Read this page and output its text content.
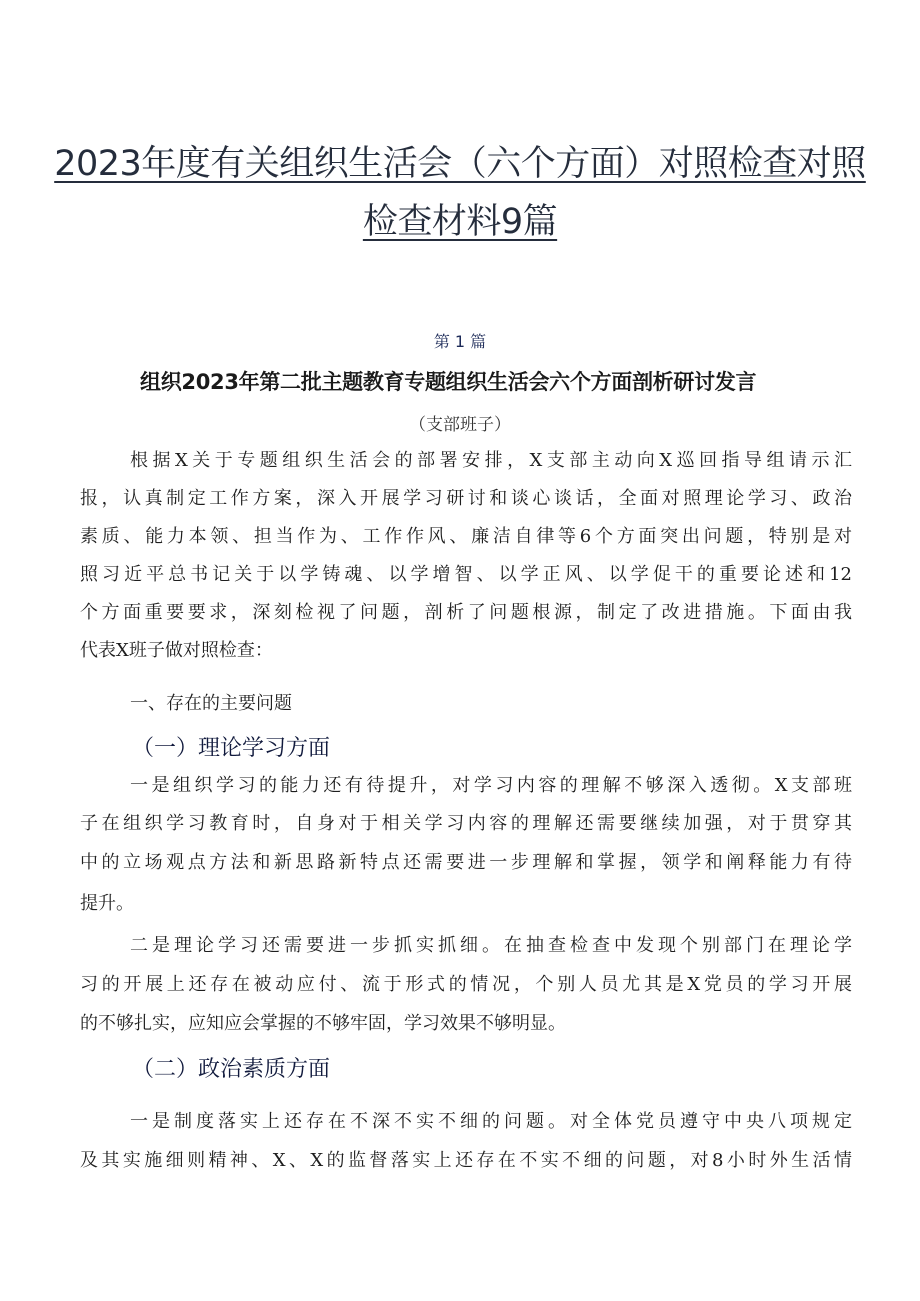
2023年度有关组织生活会（六个方面）对照检查对照
检查材料9篇
第 1 篇
组织2023年第二批主题教育专题组织生活会六个方面剖析研讨发言
（支部班子）
根据X关于专题组织生活会的部署安排，X支部主动向X巡回指导组请示汇
报，认真制定工作方案，深入开展学习研讨和谈心谈话，全面对照理论学习、政治
素质、能力本领、担当作为、工作作风、廉洁自律等6个方面突出问题，特别是对
照习近平总书记关于以学铸魂、以学增智、以学正风、以学促干的重要论述和12
个方面重要要求，深刻检视了问题，剖析了问题根源，制定了改进措施。下面由我
代表X班子做对照检查：
一、存在的主要问题
（一）理论学习方面
一是组织学习的能力还有待提升，对学习内容的理解不够深入透彻。X支部班
子在组织学习教育时，自身对于相关学习内容的理解还需要继续加强，对于贯穿其
中的立场观点方法和新思路新特点还需要进一步理解和掌握，领学和阐释能力有待
提升。
二是理论学习还需要进一步抓实抓细。在抽查检查中发现个别部门在理论学
习的开展上还存在被动应付、流于形式的情况，个别人员尤其是X党员的学习开展
的不够扎实，应知应会掌握的不够牢固，学习效果不够明显。
（二）政治素质方面
一是制度落实上还存在不深不实不细的问题。对全体党员遵守中央八项规定
及其实施细则精神、X、X的监督落实上还存在不实不细的问题，对8小时外生活情
